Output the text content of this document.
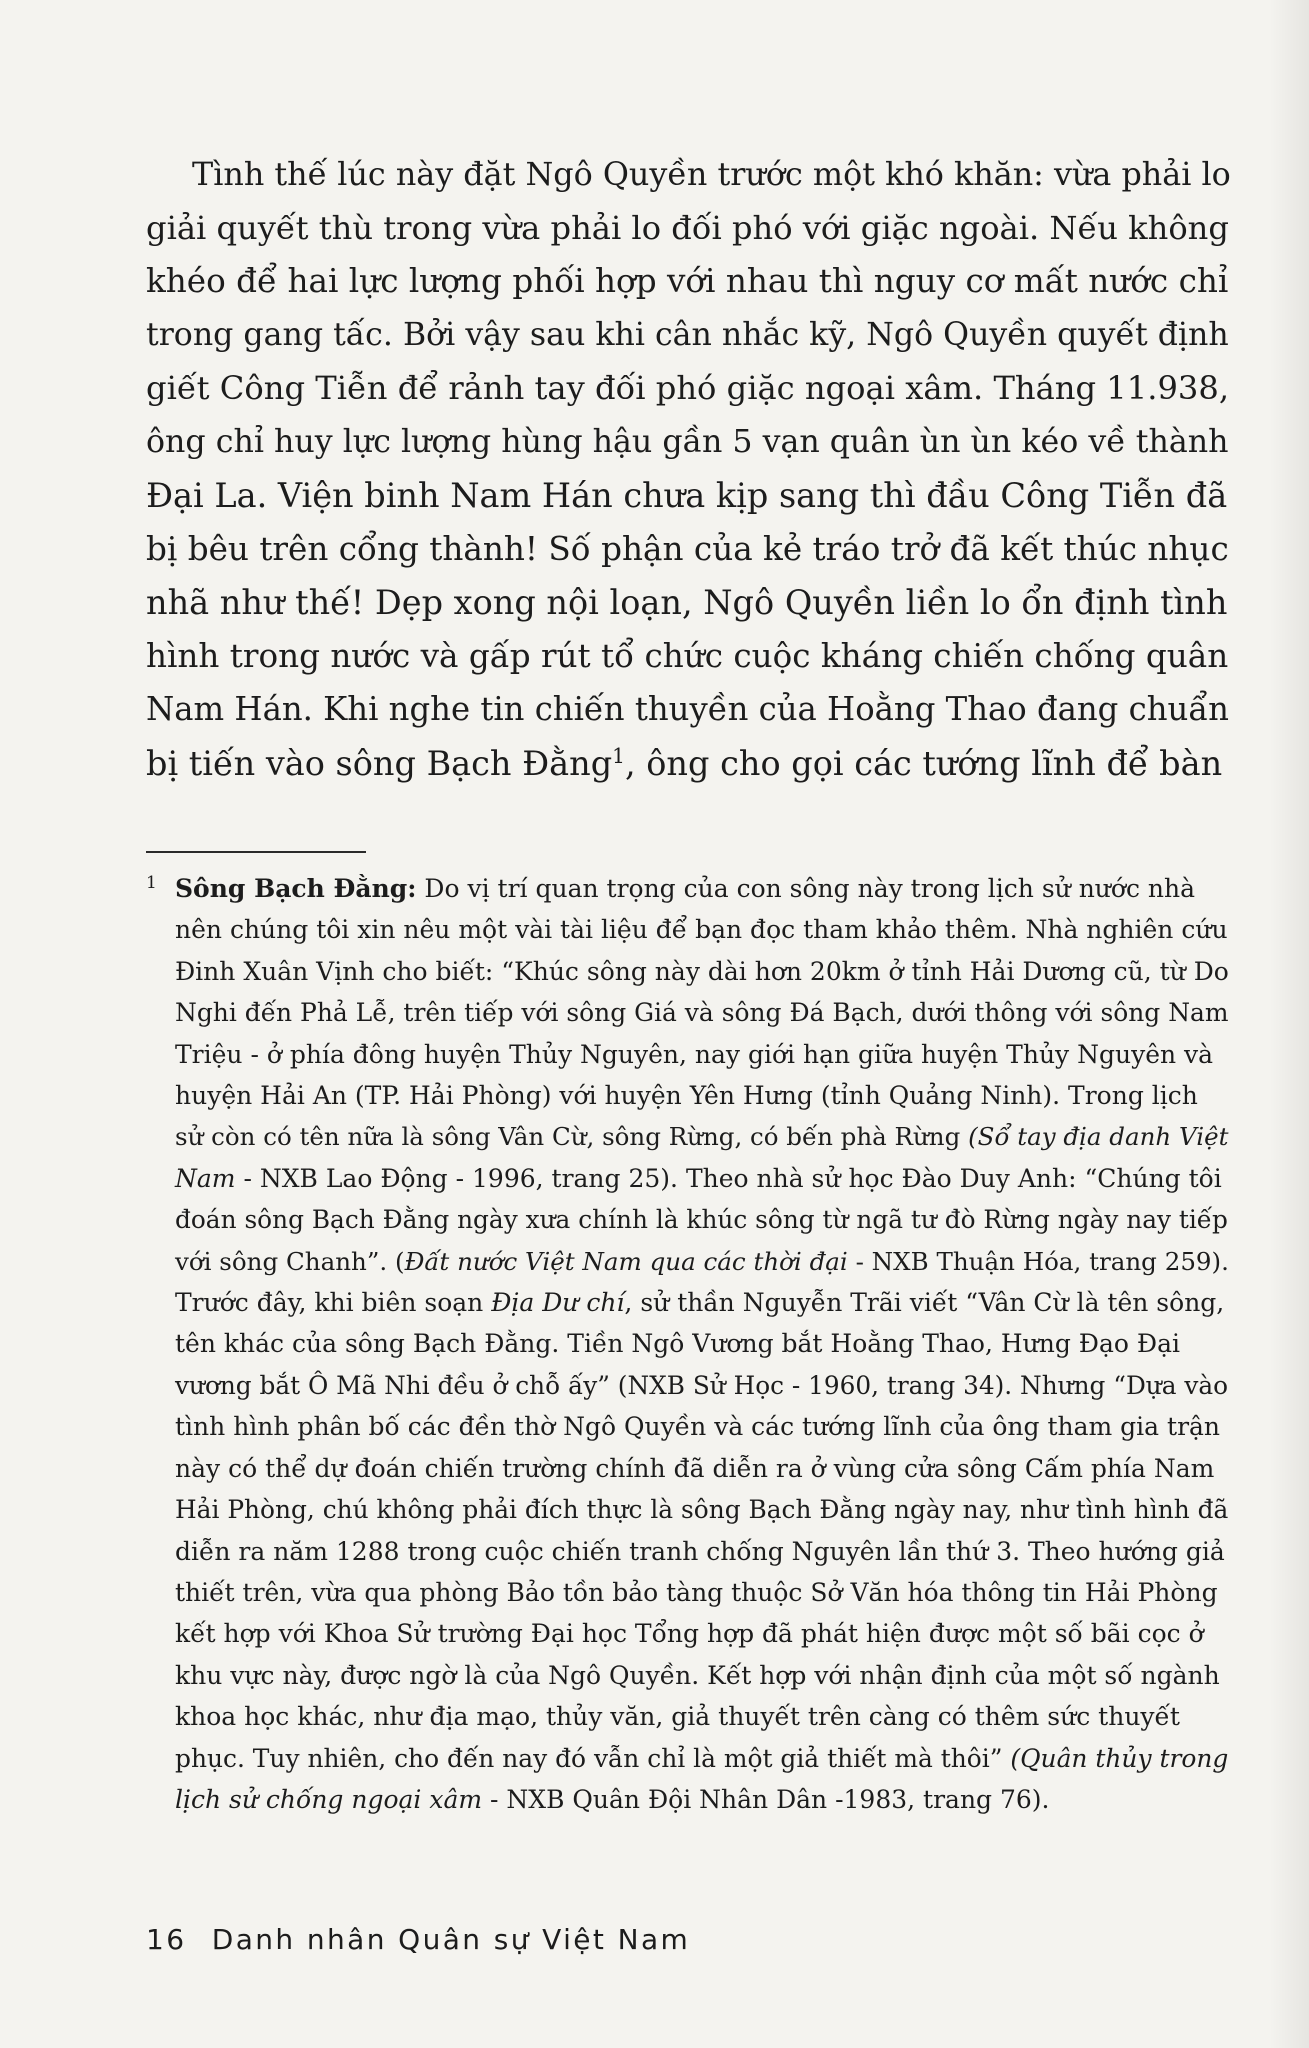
Tình thế lúc này đặt Ngô Quyền trước một khó khăn: vừa phải lo
giải quyết thù trong vừa phải lo đối phó với giặc ngoài. Nếu không
khéo để hai lực lượng phối hợp với nhau thì nguy cơ mất nước chỉ
trong gang tấc. Bởi vậy sau khi cân nhắc kỹ, Ngô Quyền quyết định
giết Công Tiễn để rảnh tay đối phó giặc ngoại xâm. Tháng 11.938,
ông chỉ huy lực lượng hùng hậu gần 5 vạn quân ùn ùn kéo về thành
Đại La. Viện binh Nam Hán chưa kịp sang thì đầu Công Tiễn đã
bị bêu trên cổng thành! Số phận của kẻ tráo trở đã kết thúc nhục
nhã như thế! Dẹp xong nội loạn, Ngô Quyền liền lo ổn định tình
hình trong nước và gấp rút tổ chức cuộc kháng chiến chống quân
Nam Hán. Khi nghe tin chiến thuyền của Hoằng Thao đang chuẩn
bị tiến vào sông Bạch Đằng$^1$, ông cho gọi các tướng lĩnh để bàn
1 Sông Bạch Đằng: Do vị trí quan trọng của con sông này trong lịch sử nước nhà
nên chúng tôi xin nêu một vài tài liệu để bạn đọc tham khảo thêm. Nhà nghiên cứu
Đinh Xuân Vịnh cho biết: “Khúc sông này dài hơn 20km ở tỉnh Hải Dương cũ, từ Do
Nghi đến Phả Lễ, trên tiếp với sông Giá và sông Đá Bạch, dưới thông với sông Nam
Triệu - ở phía đông huyện Thủy Nguyên, nay giới hạn giữa huyện Thủy Nguyên và
huyện Hải An (TP. Hải Phòng) với huyện Yên Hưng (tỉnh Quảng Ninh). Trong lịch
sử còn có tên nữa là sông Vân Cừ, sông Rừng, có bến phà Rừng (Sổ tay địa danh Việt
Nam - NXB Lao Động - 1996, trang 25). Theo nhà sử học Đào Duy Anh: “Chúng tôi
đoán sông Bạch Đằng ngày xưa chính là khúc sông từ ngã tư đò Rừng ngày nay tiếp
với sông Chanh”. (Đất nước Việt Nam qua các thời đại - NXB Thuận Hóa, trang 259).
Trước đây, khi biên soạn Địa Dư chí, sử thần Nguyễn Trãi viết “Vân Cừ là tên sông,
tên khác của sông Bạch Đằng. Tiền Ngô Vương bắt Hoằng Thao, Hưng Đạo Đại
vương bắt Ô Mã Nhi đều ở chỗ ấy” (NXB Sử Học - 1960, trang 34). Nhưng “Dựa vào
tình hình phân bố các đền thờ Ngô Quyền và các tướng lĩnh của ông tham gia trận
này có thể dự đoán chiến trường chính đã diễn ra ở vùng cửa sông Cấm phía Nam
Hải Phòng, chú không phải đích thực là sông Bạch Đằng ngày nay, như tình hình đã
diễn ra năm 1288 trong cuộc chiến tranh chống Nguyên lần thứ 3. Theo hướng giả
thiết trên, vừa qua phòng Bảo tồn bảo tàng thuộc Sở Văn hóa thông tin Hải Phòng
kết hợp với Khoa Sử trường Đại học Tổng hợp đã phát hiện được một số bãi cọc ở
khu vực này, được ngờ là của Ngô Quyền. Kết hợp với nhận định của một số ngành
khoa học khác, như địa mạo, thủy văn, giả thuyết trên càng có thêm sức thuyết
phục. Tuy nhiên, cho đến nay đó vẫn chỉ là một giả thiết mà thôi” (Quân thủy trong
lịch sử chống ngoại xâm - NXB Quân Đội Nhân Dân -1983, trang 76).
16 Danh nhân Quân sự Việt Nam
